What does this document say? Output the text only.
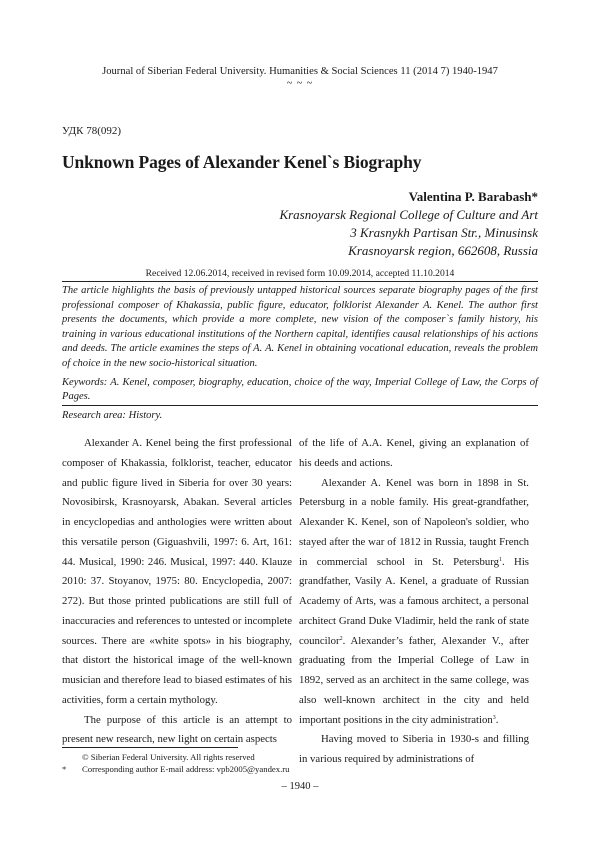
Journal of Siberian Federal University. Humanities & Social Sciences 11 (2014 7) 1940-1947
~ ~ ~
УДК 78(092)
Unknown Pages of Alexander Kenel`s Biography
Valentina P. Barabash*
Krasnoyarsk Regional College of Culture and Art
3 Krasnykh Partisan Str., Minusinsk
Krasnoyarsk region, 662608, Russia
Received 12.06.2014, received in revised form 10.09.2014, accepted 11.10.2014

The article highlights the basis of previously untapped historical sources separate biography pages of the first professional composer of Khakassia, public figure, educator, folklorist Alexander A. Kenel. The author first presents the documents, which provide a more complete, new vision of the composer`s family history, his training in various educational institutions of the Northern capital, identifies causal relationships of his actions and deeds. The article examines the steps of A. A. Kenel in obtaining vocational education, reveals the problem of choice in the new socio-historical situation.

Keywords: A. Kenel, composer, biography, education, choice of the way, Imperial College of Law, the Corps of Pages.

Research area: History.

Alexander A. Kenel being the first professional composer of Khakassia, folklorist, teacher, educator and public figure lived in Siberia for over 30 years: Novosibirsk, Krasnoyarsk, Abakan. Several articles in encyclopedias and anthologies were written about this versatile person (Giguashvili, 1997: 6. Art, 161: 44. Musical, 1990: 246. Musical, 1997: 440. Klauze 2010: 37. Stoyanov, 1975: 80. Encyclopedia, 2007: 272). But those printed publications are still full of inaccuracies and references to untested or incomplete sources. There are «white spots» in his biography, that distort the historical image of the well-known musician and therefore lead to biased estimates of his activities, form a certain mythology.

The purpose of this article is an attempt to present new research, new light on certain aspects

of the life of A.A. Kenel, giving an explanation of his deeds and actions.

Alexander A. Kenel was born in 1898 in St. Petersburg in a noble family. His great-grandfather, Alexander K. Kenel, son of Napoleon's soldier, who stayed after the war of 1812 in Russia, taught French in commercial school in St. Petersburg$^1$. His grandfather, Vasily A. Kenel, a graduate of Russian Academy of Arts, was a famous architect, a personal architect Grand Duke Vladimir, held the rank of state councilor$^2$. Alexander’s father, Alexander V., after graduating from the Imperial College of Law in 1892, served as an architect in the same college, was also well-known architect in the city and held important positions in the city administration$^3$.

Having moved to Siberia in 1930-s and filling in various required by administrations of

© Siberian Federal University. All rights reserved
* Corresponding author E-mail address: vpb2005@yandex.ru
– 1940 –
